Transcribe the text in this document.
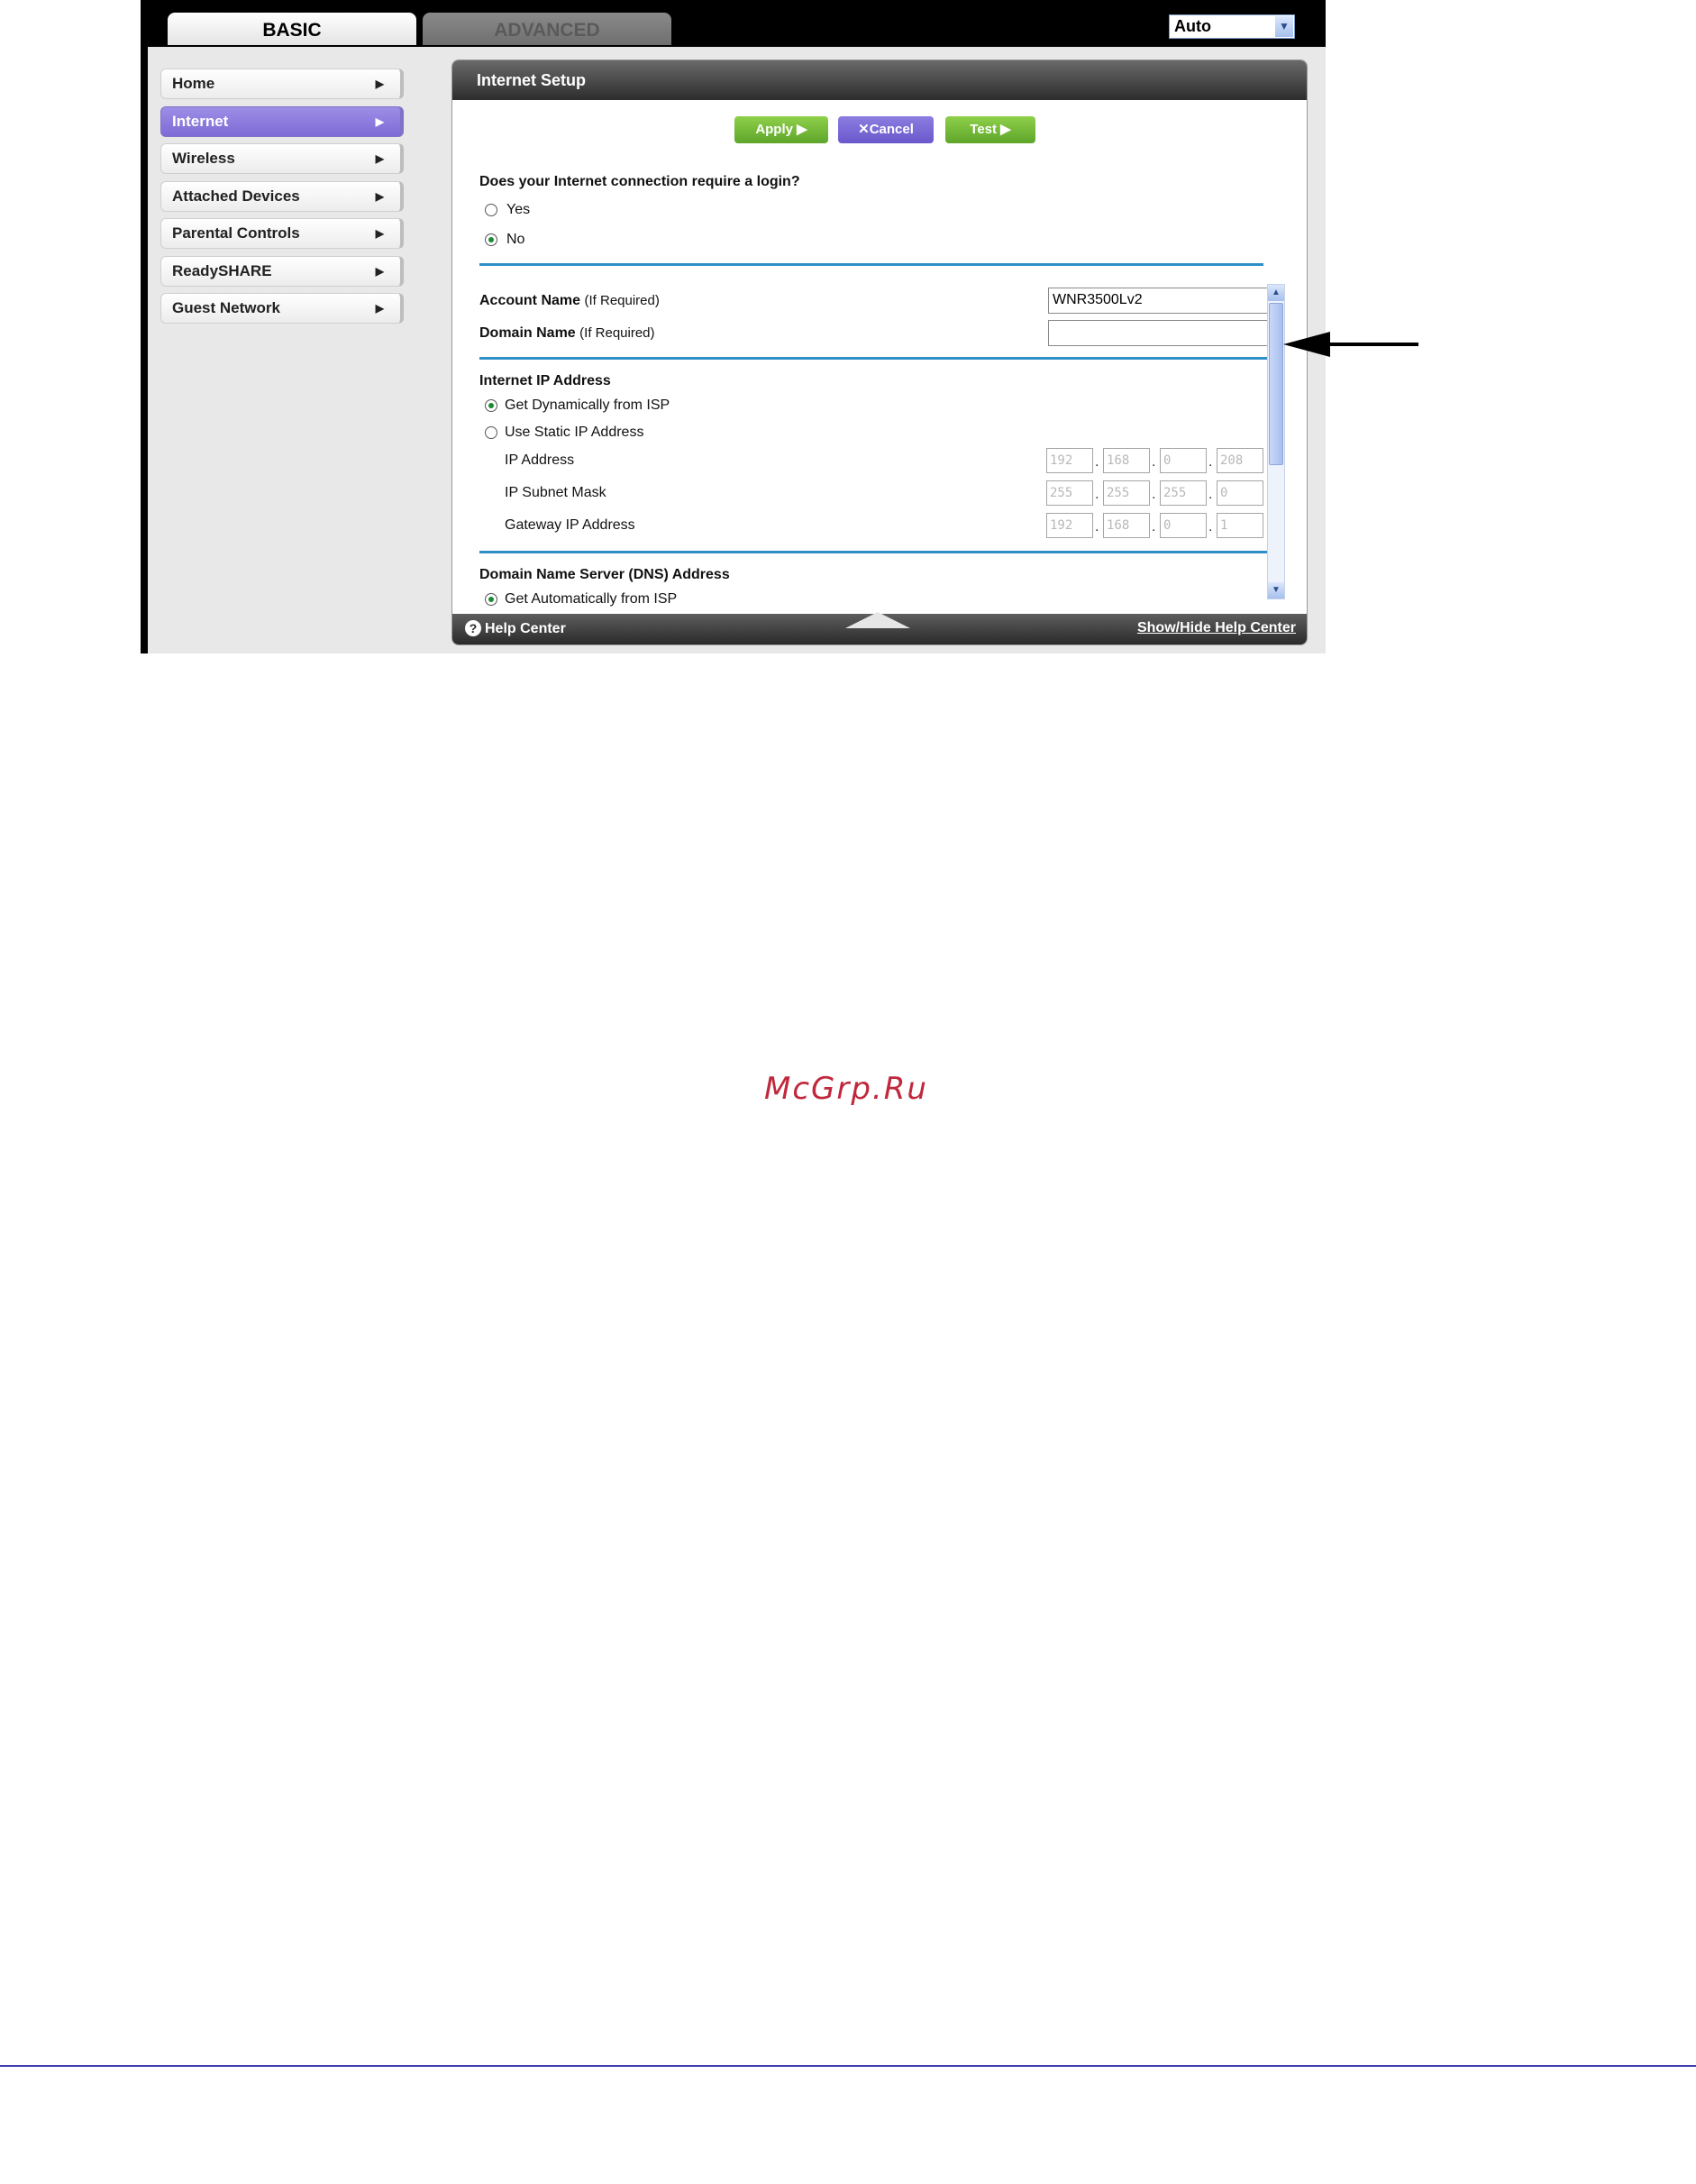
BASIC	ADVANCED	Auto	▼
Home	▶
Internet	▶
Wireless	▶
Attached Devices	▶
Parental Controls	▶
ReadySHARE	▶
Guest Network	▶
Internet Setup
Apply ▶	✕Cancel	Test ▶
Does your Internet connection require a login?
Yes
No
Account Name (If Required)	WNR3500Lv2
Domain Name (If Required)
Internet IP Address
Get Dynamically from ISP
Use Static IP Address
IP Address	192	. 168	. 0	. 208
IP Subnet Mask	255	. 255	. 255	. 0
Gateway IP Address	192	. 168	. 0	. 1
Domain Name Server (DNS) Address
Get Automatically from ISP
▲
▼
? Help Center	Show/Hide Help Center
McGrp.Ru
